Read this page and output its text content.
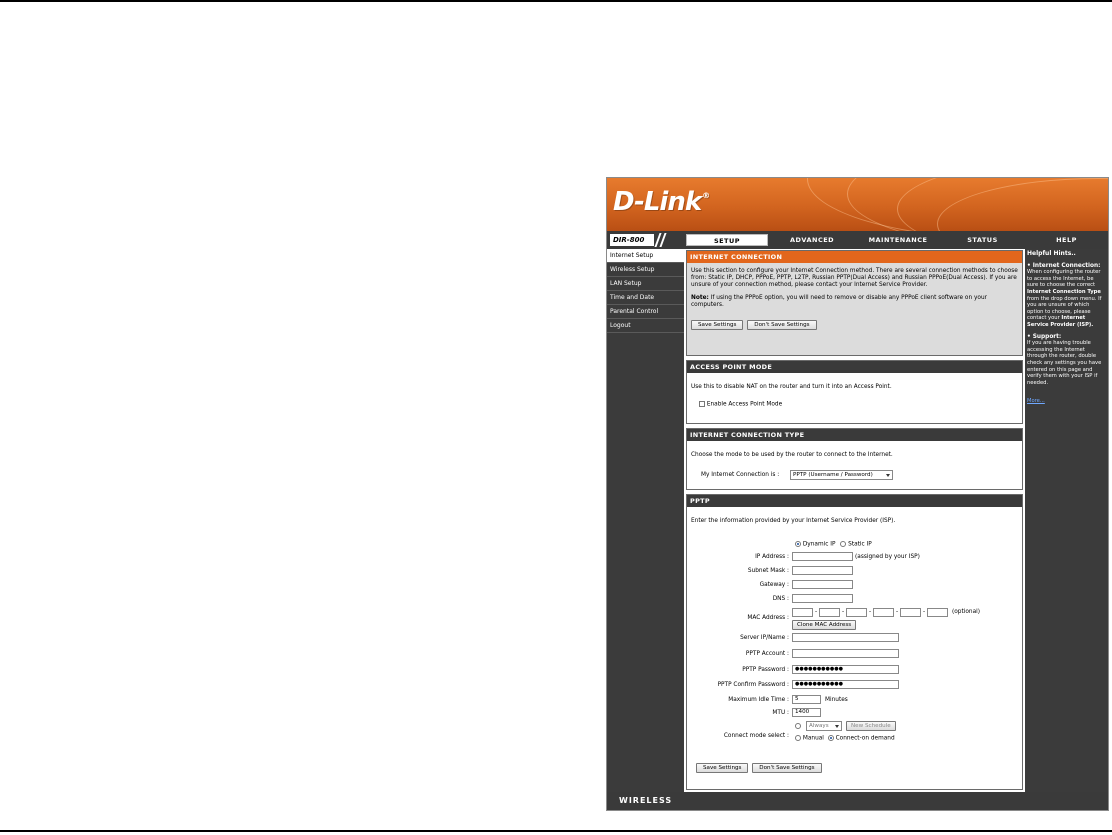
D-Link®
DIR-800	SETUP	ADVANCED	MAINTENANCE	STATUS	HELP
Internet Setup
Wireless Setup
LAN Setup
Time and Date
Parental Control
Logout
INTERNET CONNECTION
Use this section to configure your Internet Connection method. There are several connection methods to choose from: Static IP, DHCP, PPPoE, PPTP, L2TP, Russian PPTP(Dual Access) and Russian PPPoE(Dual Access). If you are unsure of your connection method, please contact your Internet Service Provider.
Note: If using the PPPoE option, you will need to remove or disable any PPPoE client software on your computers.
Save Settings	Don't Save Settings
ACCESS POINT MODE
Use this to disable NAT on the router and turn it into an Access Point.
Enable Access Point Mode
INTERNET CONNECTION TYPE
Choose the mode to be used by the router to connect to the Internet.
My Internet Connection is :	PPTP (Username / Password)
PPTP
Enter the information provided by your Internet Service Provider (ISP).
Dynamic IP Static IP
IP Address :	(assigned by your ISP)
Subnet Mask :
Gateway :
DNS :
MAC Address :
-	-	-	-	-	(optional)
Clone MAC Address
Server IP/Name :
PPTP Account :
PPTP Password :	●●●●●●●●●●●
PPTP Confirm Password :	●●●●●●●●●●●
Maximum Idle Time :	5	Minutes
MTU :	1400
Connect mode select :
Always	New Schedule
Manual Connect-on demand
Save Settings	Don't Save Settings
Helpful Hints..
• Internet Connection:
When configuring the router to access the Internet, be sure to choose the correct Internet Connection Type from the drop down menu. If you are unsure of which option to choose, please contact your Internet Service Provider (ISP).
• Support:
If you are having trouble accessing the Internet through the router, double check any settings you have entered on this page and verify them with your ISP if needed.
More...
WIRELESS
